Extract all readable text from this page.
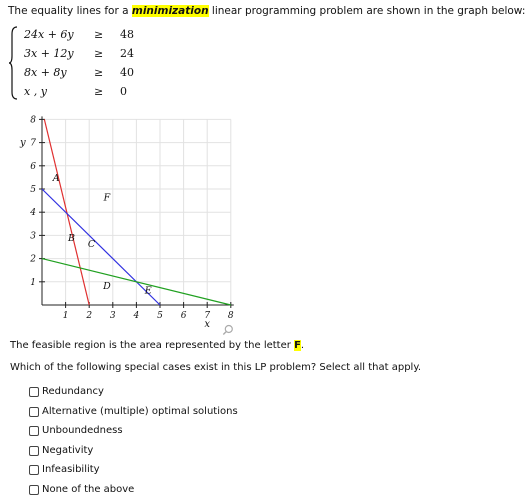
The equality lines for a minimization linear programming problem are shown in the graph below:
24x + 6y ≥ 48
3x + 12y ≥ 24
8x + 8y ≥ 40
x , y	≥ 0
1 2 3 4 5 6 7 8
1
2
3
4
5
6
7
8
x
y
A
B
C
F
D	E
The feasible region is the area represented by the letter F.
Which of the following special cases exist in this LP problem? Select all that apply.
Redundancy
Alternative (multiple) optimal solutions
Unboundedness
Negativity
Infeasibility
None of the above
